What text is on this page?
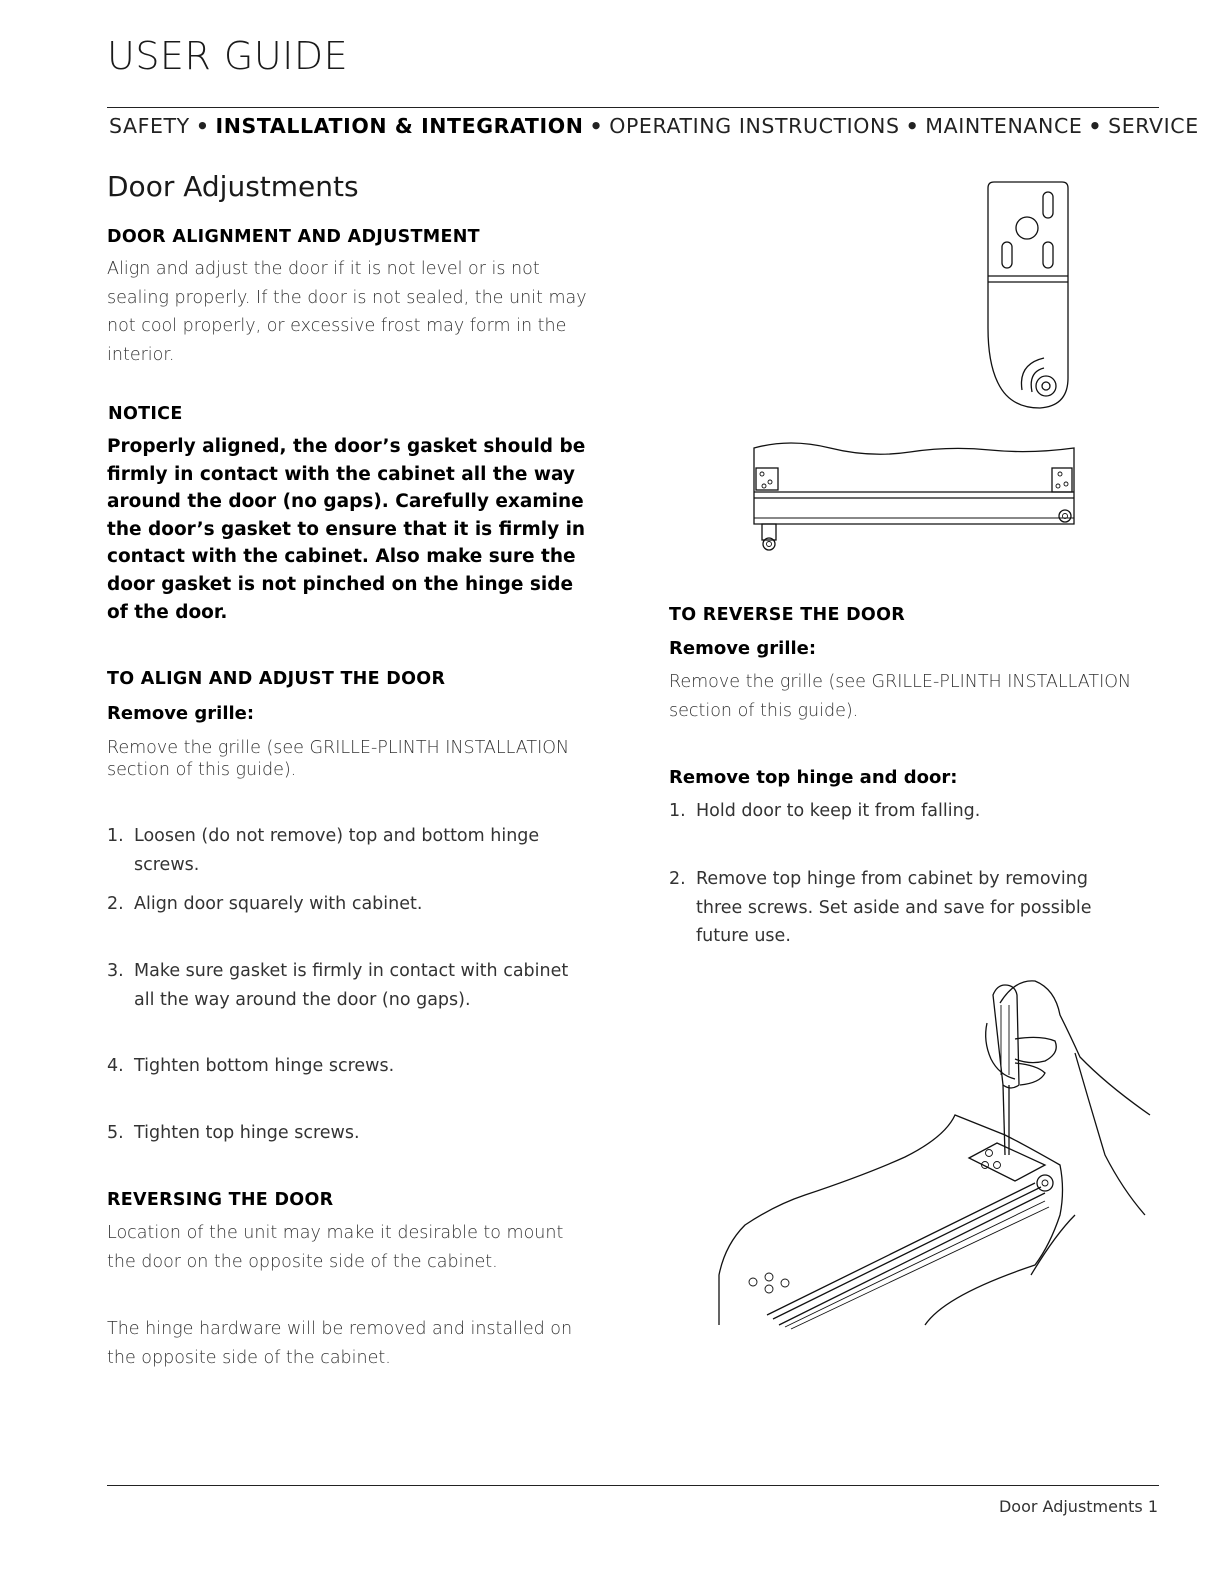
USER GUIDE
SAFETY • INSTALLATION & INTEGRATION • OPERATING INSTRUCTIONS • MAINTENANCE • SERVICE
Door Adjustments
DOOR ALIGNMENT AND ADJUSTMENT
Align and adjust the door if it is not level or is not sealing properly. If the door is not sealed, the unit may not cool properly, or excessive frost may form in the interior.
NOTICE
Properly aligned, the door’s gasket should be firmly in contact with the cabinet all the way around the door (no gaps). Carefully examine the door’s gasket to ensure that it is firmly in contact with the cabinet. Also make sure the door gasket is not pinched on the hinge side of the door.
TO ALIGN AND ADJUST THE DOOR
Remove grille:
Remove the grille (see GRILLE-PLINTH INSTALLATION section of this guide).
1. Loosen (do not remove) top and bottom hinge screws.
2. Align door squarely with cabinet.
3. Make sure gasket is firmly in contact with cabinet all the way around the door (no gaps).
4. Tighten bottom hinge screws.
5. Tighten top hinge screws.
REVERSING THE DOOR
Location of the unit may make it desirable to mount the door on the opposite side of the cabinet.
The hinge hardware will be removed and installed on the opposite side of the cabinet.
TO REVERSE THE DOOR
Remove grille:
Remove the grille (see GRILLE-PLINTH INSTALLATION section of this guide).
Remove top hinge and door:
1. Hold door to keep it from falling.
2. Remove top hinge from cabinet by removing three screws. Set aside and save for possible future use.
Door Adjustments 1
